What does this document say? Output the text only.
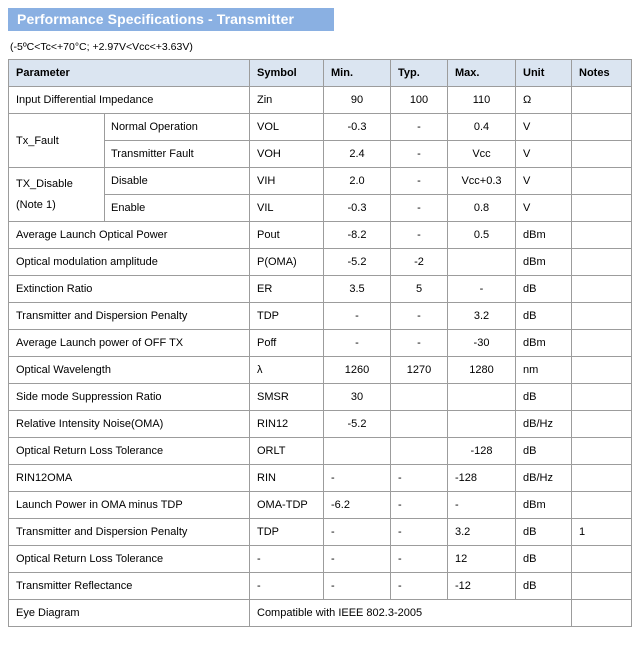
Performance Specifications - Transmitter
(-5ºC<Tc<+70°C; +2.97V<Vcc<+3.63V)
Parameter		Symbol	Min.	Typ.	Max.	Unit	Notes
Input Differential Impedance		Zin	90	100	110	Ω	
Tx_Fault	Normal Operation	VOL	-0.3	-	0.4	V	
	Transmitter Fault	VOH	2.4	-	Vcc	V	
TX_Disable
(Note 1)	Disable	VIH	2.0	-	Vcc+0.3	V	
	Enable	VIL	-0.3	-	0.8	V	
Average Launch Optical Power		Pout	-8.2	-	0.5	dBm	
Optical modulation amplitude		P(OMA)	-5.2	-2		dBm	
Extinction Ratio		ER	3.5	5	-	dB	
Transmitter and Dispersion Penalty		TDP	-	-	3.2	dB	
Average Launch power of OFF TX		Poff	-	-	-30	dBm	
Optical Wavelength		λ	1260	1270	1280	nm	
Side mode Suppression Ratio		SMSR	30			dB	
Relative Intensity Noise(OMA)		RIN12	-5.2			dB/Hz	
Optical Return Loss Tolerance		ORLT			-128	dB	
RIN12OMA		RIN	-	-	-128	dB/Hz	
Launch Power in OMA minus TDP		OMA-TDP	-6.2	-	-	dBm	
Transmitter and Dispersion Penalty		TDP	-	-	3.2	dB	1
Optical Return Loss Tolerance		-	-	-	12	dB	
Transmitter Reflectance		-	-	-	-12	dB	
Eye Diagram		Compatible with IEEE 802.3-2005					
